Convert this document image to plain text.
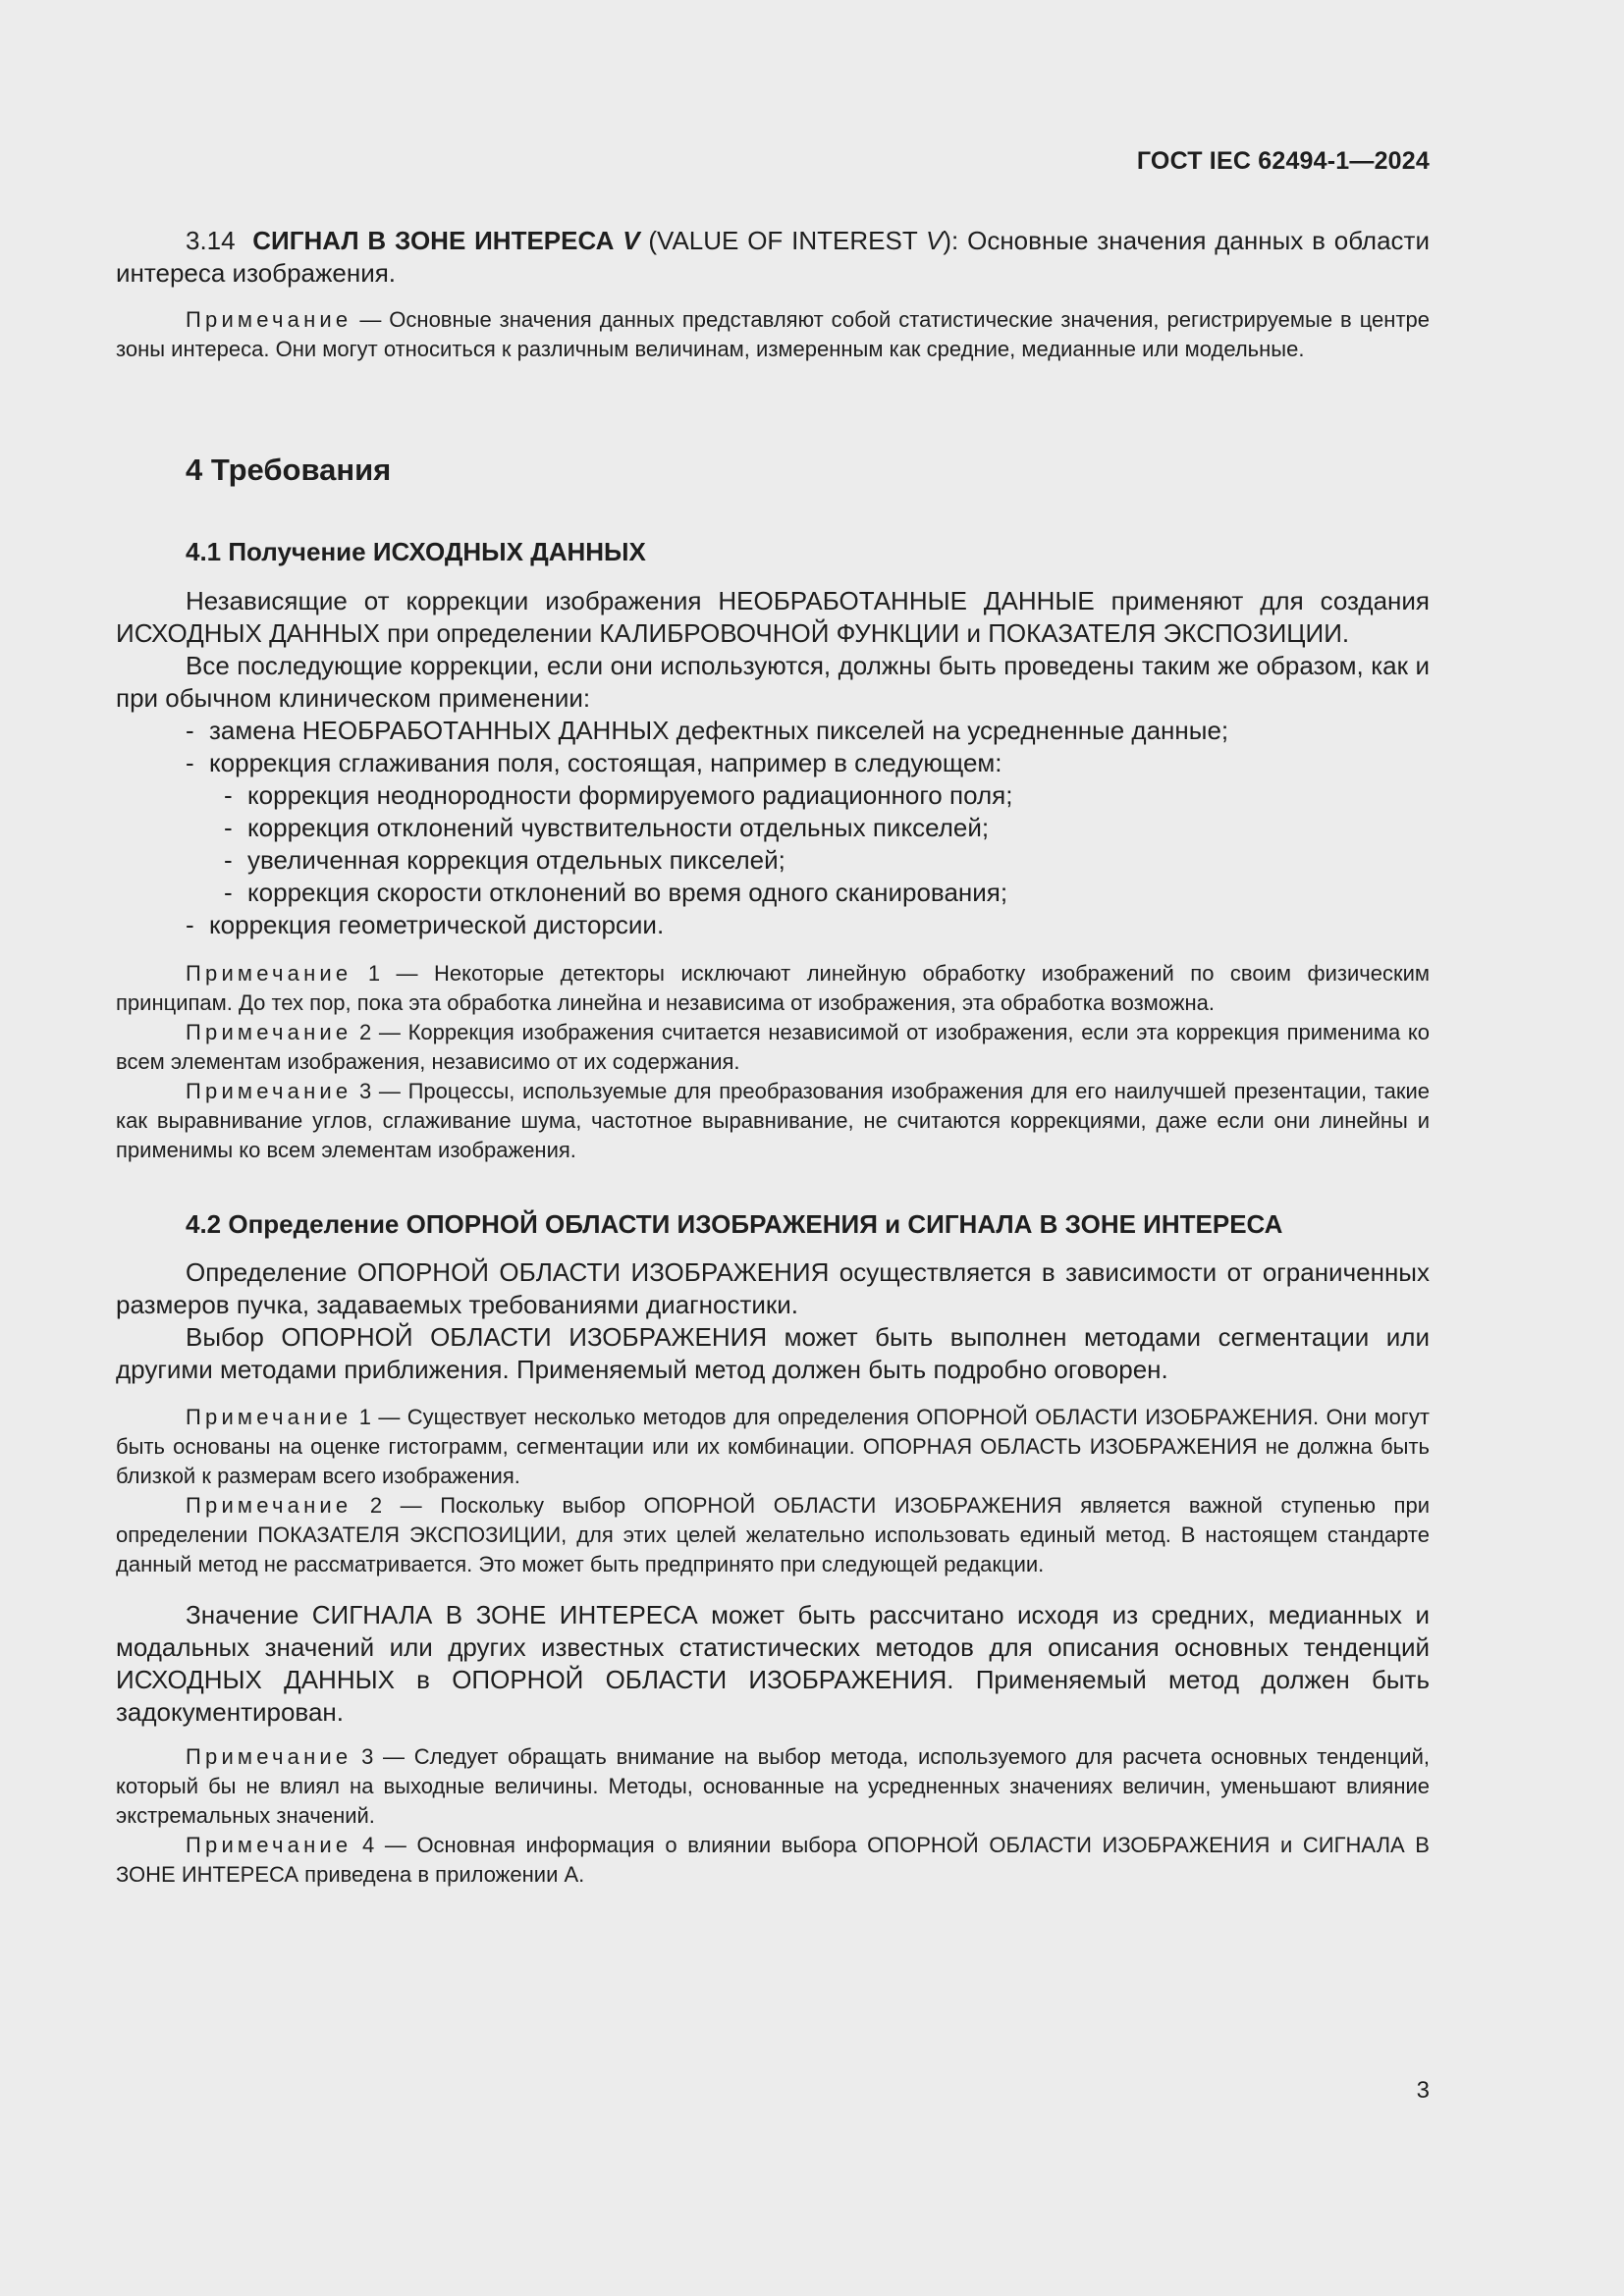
ГОСТ IEC 62494-1—2024

3.14 СИГНАЛ В ЗОНЕ ИНТЕРЕСА V (VALUE OF INTEREST V): Основные значения данных в области интереса изображения.

Примечание — Основные значения данных представляют собой статистические значения, регистрируемые в центре зоны интереса. Они могут относиться к различным величинам, измеренным как средние, медианные или модельные.

4 Требования
4.1 Получение ИСХОДНЫХ ДАННЫХ

Независящие от коррекции изображения НЕОБРАБОТАННЫЕ ДАННЫЕ применяют для создания ИСХОДНЫХ ДАННЫХ при определении КАЛИБРОВОЧНОЙ ФУНКЦИИ и ПОКАЗАТЕЛЯ ЭКСПОЗИЦИИ.

Все последующие коррекции, если они используются, должны быть проведены таким же образом, как и при обычном клиническом применении:

- замена НЕОБРАБОТАННЫХ ДАННЫХ дефектных пикселей на усредненные данные;
- коррекция сглаживания поля, состоящая, например в следующем:
- коррекция неоднородности формируемого радиационного поля;
- коррекция отклонений чувствительности отдельных пикселей;
- увеличенная коррекция отдельных пикселей;
- коррекция скорости отклонений во время одного сканирования;
- коррекция геометрической дисторсии.

Примечание 1 — Некоторые детекторы исключают линейную обработку изображений по своим физическим принципам. До тех пор, пока эта обработка линейна и независима от изображения, эта обработка возможна.

Примечание 2 — Коррекция изображения считается независимой от изображения, если эта коррекция применима ко всем элементам изображения, независимо от их содержания.

Примечание 3 — Процессы, используемые для преобразования изображения для его наилучшей презентации, такие как выравнивание углов, сглаживание шума, частотное выравнивание, не считаются коррекциями, даже если они линейны и применимы ко всем элементам изображения.

4.2 Определение ОПОРНОЙ ОБЛАСТИ ИЗОБРАЖЕНИЯ и СИГНАЛА В ЗОНЕ ИНТЕРЕСА

Определение ОПОРНОЙ ОБЛАСТИ ИЗОБРАЖЕНИЯ осуществляется в зависимости от ограниченных размеров пучка, задаваемых требованиями диагностики.

Выбор ОПОРНОЙ ОБЛАСТИ ИЗОБРАЖЕНИЯ может быть выполнен методами сегментации или другими методами приближения. Применяемый метод должен быть подробно оговорен.

Примечание 1 — Существует несколько методов для определения ОПОРНОЙ ОБЛАСТИ ИЗОБРАЖЕНИЯ. Они могут быть основаны на оценке гистограмм, сегментации или их комбинации. ОПОРНАЯ ОБЛАСТЬ ИЗОБРАЖЕНИЯ не должна быть близкой к размерам всего изображения.

Примечание 2 — Поскольку выбор ОПОРНОЙ ОБЛАСТИ ИЗОБРАЖЕНИЯ является важной ступенью при определении ПОКАЗАТЕЛЯ ЭКСПОЗИЦИИ, для этих целей желательно использовать единый метод. В настоящем стандарте данный метод не рассматривается. Это может быть предпринято при следующей редакции.

Значение СИГНАЛА В ЗОНЕ ИНТЕРЕСА может быть рассчитано исходя из средних, медианных и модальных значений или других известных статистических методов для описания основных тенденций ИСХОДНЫХ ДАННЫХ в ОПОРНОЙ ОБЛАСТИ ИЗОБРАЖЕНИЯ. Применяемый метод должен быть задокументирован.

Примечание 3 — Следует обращать внимание на выбор метода, используемого для расчета основных тенденций, который бы не влиял на выходные величины. Методы, основанные на усредненных значениях величин, уменьшают влияние экстремальных значений.

Примечание 4 — Основная информация о влиянии выбора ОПОРНОЙ ОБЛАСТИ ИЗОБРАЖЕНИЯ и СИГНАЛА В ЗОНЕ ИНТЕРЕСА приведена в приложении А.

3
